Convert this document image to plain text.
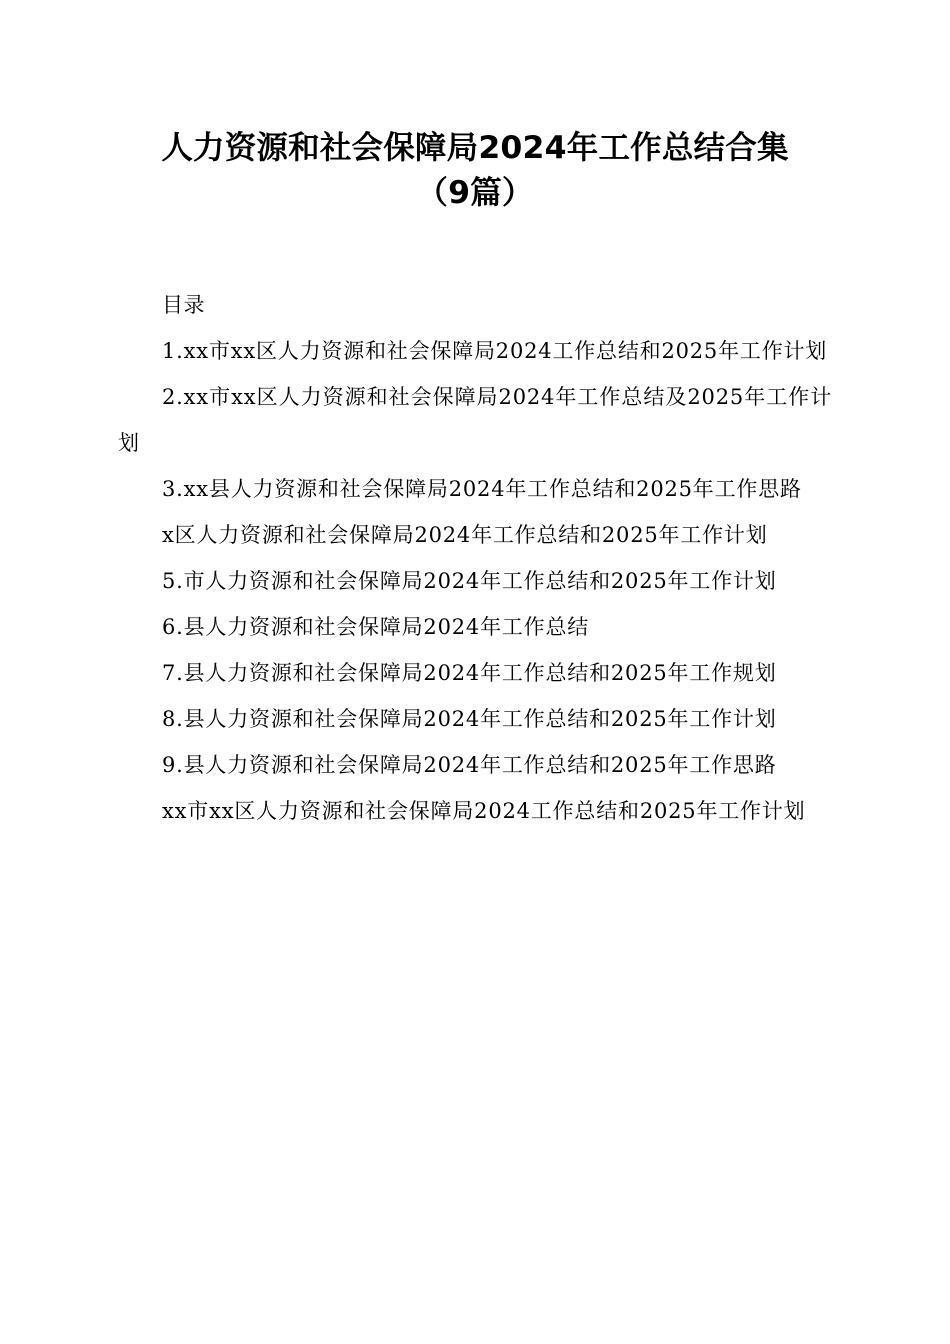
人力资源和社会保障局2024年工作总结合集
（9篇）
目录
1.xx市xx区人力资源和社会保障局2024工作总结和2025年工作计划
2.xx市xx区人力资源和社会保障局2024年工作总结及2025年工作计划
3.xx县人力资源和社会保障局2024年工作总结和2025年工作思路
x区人力资源和社会保障局2024年工作总结和2025年工作计划
5.市人力资源和社会保障局2024年工作总结和2025年工作计划
6.县人力资源和社会保障局2024年工作总结
7.县人力资源和社会保障局2024年工作总结和2025年工作规划
8.县人力资源和社会保障局2024年工作总结和2025年工作计划
9.县人力资源和社会保障局2024年工作总结和2025年工作思路
xx市xx区人力资源和社会保障局2024工作总结和2025年工作计划
